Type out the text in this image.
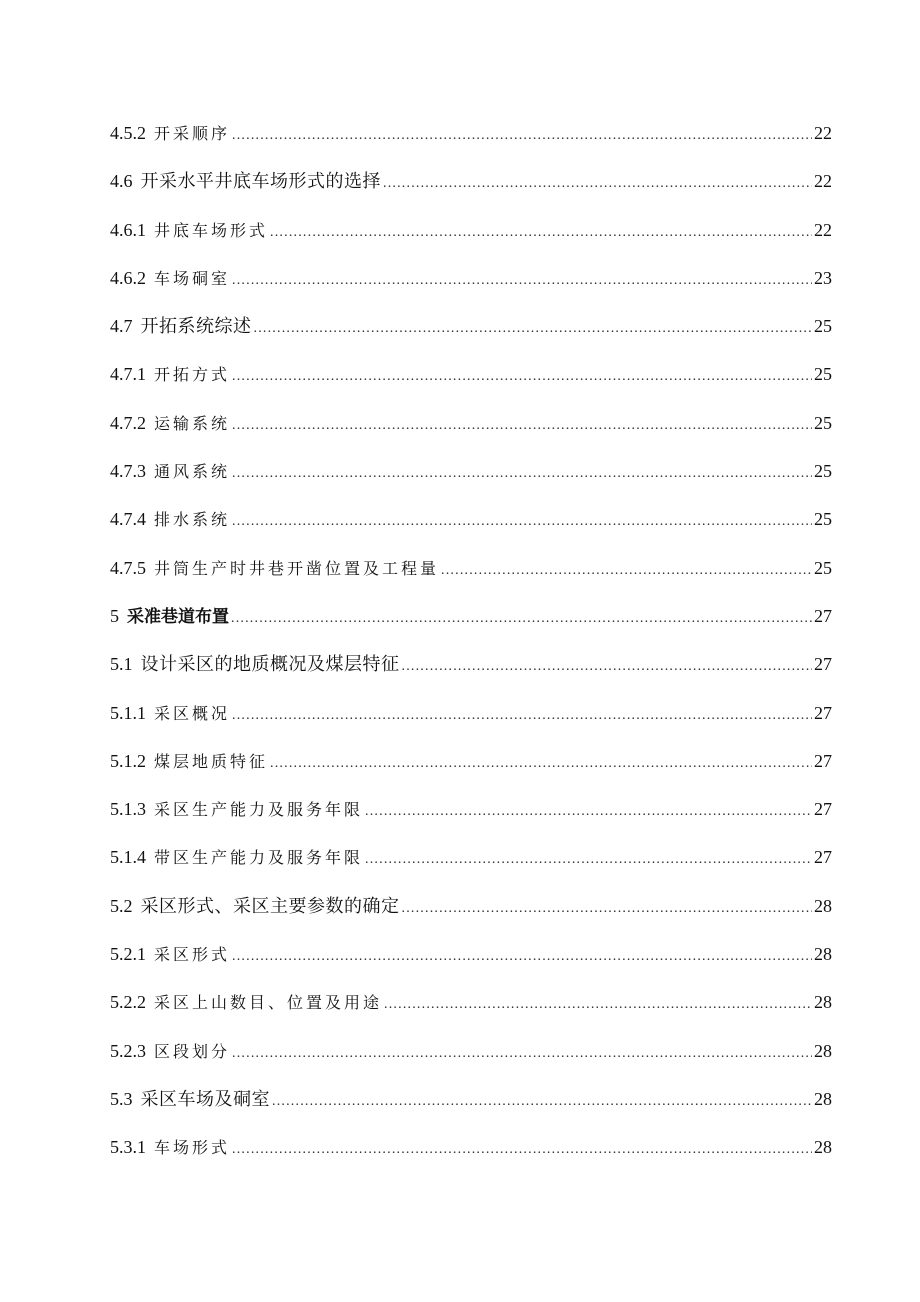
4.5.2 开采顺序 .....	22
4.6 开采水平井底车场形式的选择 .....	22
4.6.1 井底车场形式 .....	22
4.6.2 车场硐室 .....	23
4.7 开拓系统综述 .....	25
4.7.1 开拓方式 .....	25
4.7.2 运输系统 .....	25
4.7.3 通风系统 .....	25
4.7.4 排水系统 .....	25
4.7.5 井筒生产时井巷开凿位置及工程量 .....	25
5 采准巷道布置 .....	27
5.1 设计采区的地质概况及煤层特征 .....	27
5.1.1 采区概况 .....	27
5.1.2 煤层地质特征 .....	27
5.1.3 采区生产能力及服务年限 .....	27
5.1.4 带区生产能力及服务年限 .....	27
5.2 采区形式、采区主要参数的确定 .....	28
5.2.1 采区形式 .....	28
5.2.2 采区上山数目、位置及用途 .....	28
5.2.3 区段划分 .....	28
5.3 采区车场及硐室 .....	28
5.3.1 车场形式 .....	28
